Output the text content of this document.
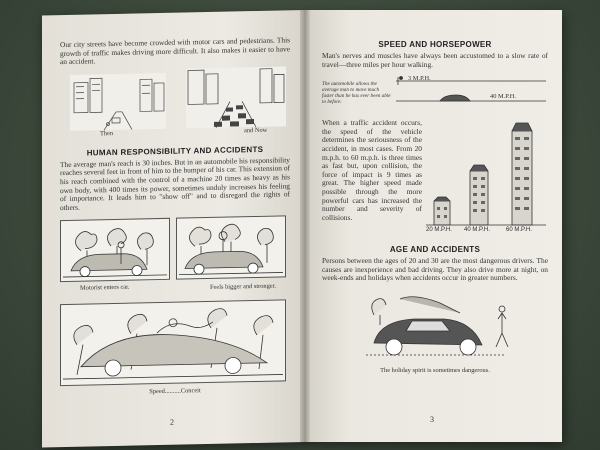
Our city streets have become crowded with motor cars and pedestrians. This growth of traffic makes driving more difficult. It also makes it easier to have an accident.

Then	and Now
HUMAN RESPONSIBILITY AND ACCIDENTS

The average man's reach is 30 inches. But in an automobile his responsibility reaches several feet in front of him to the bumper of his car. This extension of his reach combined with the control of a machine 20 times as heavy as his own body, with 400 times its power, sometimes unduly increases his feeling of importance. It leads him to "show off" and to disregard the rights of others.

Motorist enters car.	Feels bigger and stronger.
Speed..........Conceit
2
SPEED AND HORSEPOWER

Man's nerves and muscles have always been accustomed to a slow rate of travel—three miles per hour walking.

3 M.P.H.
40 M.P.H.
The automobile allows the average man to move much faster than he has ever been able to before.

When a traffic accident occurs, the speed of the vehicle determines the seriousness of the accident, in most cases. From 20 m.p.h. to 60 m.p.h. is three times as fast but, upon collision, the force of impact is 9 times as great. The higher speed made possible through the more powerful cars has increased the number and severity of collisions.

20 M.P.H. 40 M.P.H.	60 M.P.H.
AGE AND ACCIDENTS

Persons between the ages of 20 and 30 are the most dangerous drivers. The causes are inexperience and bad driving. They also drive more at night, on week-ends and holidays when accidents occur in greater numbers.

The holiday spirit is sometimes dangerous.
3
